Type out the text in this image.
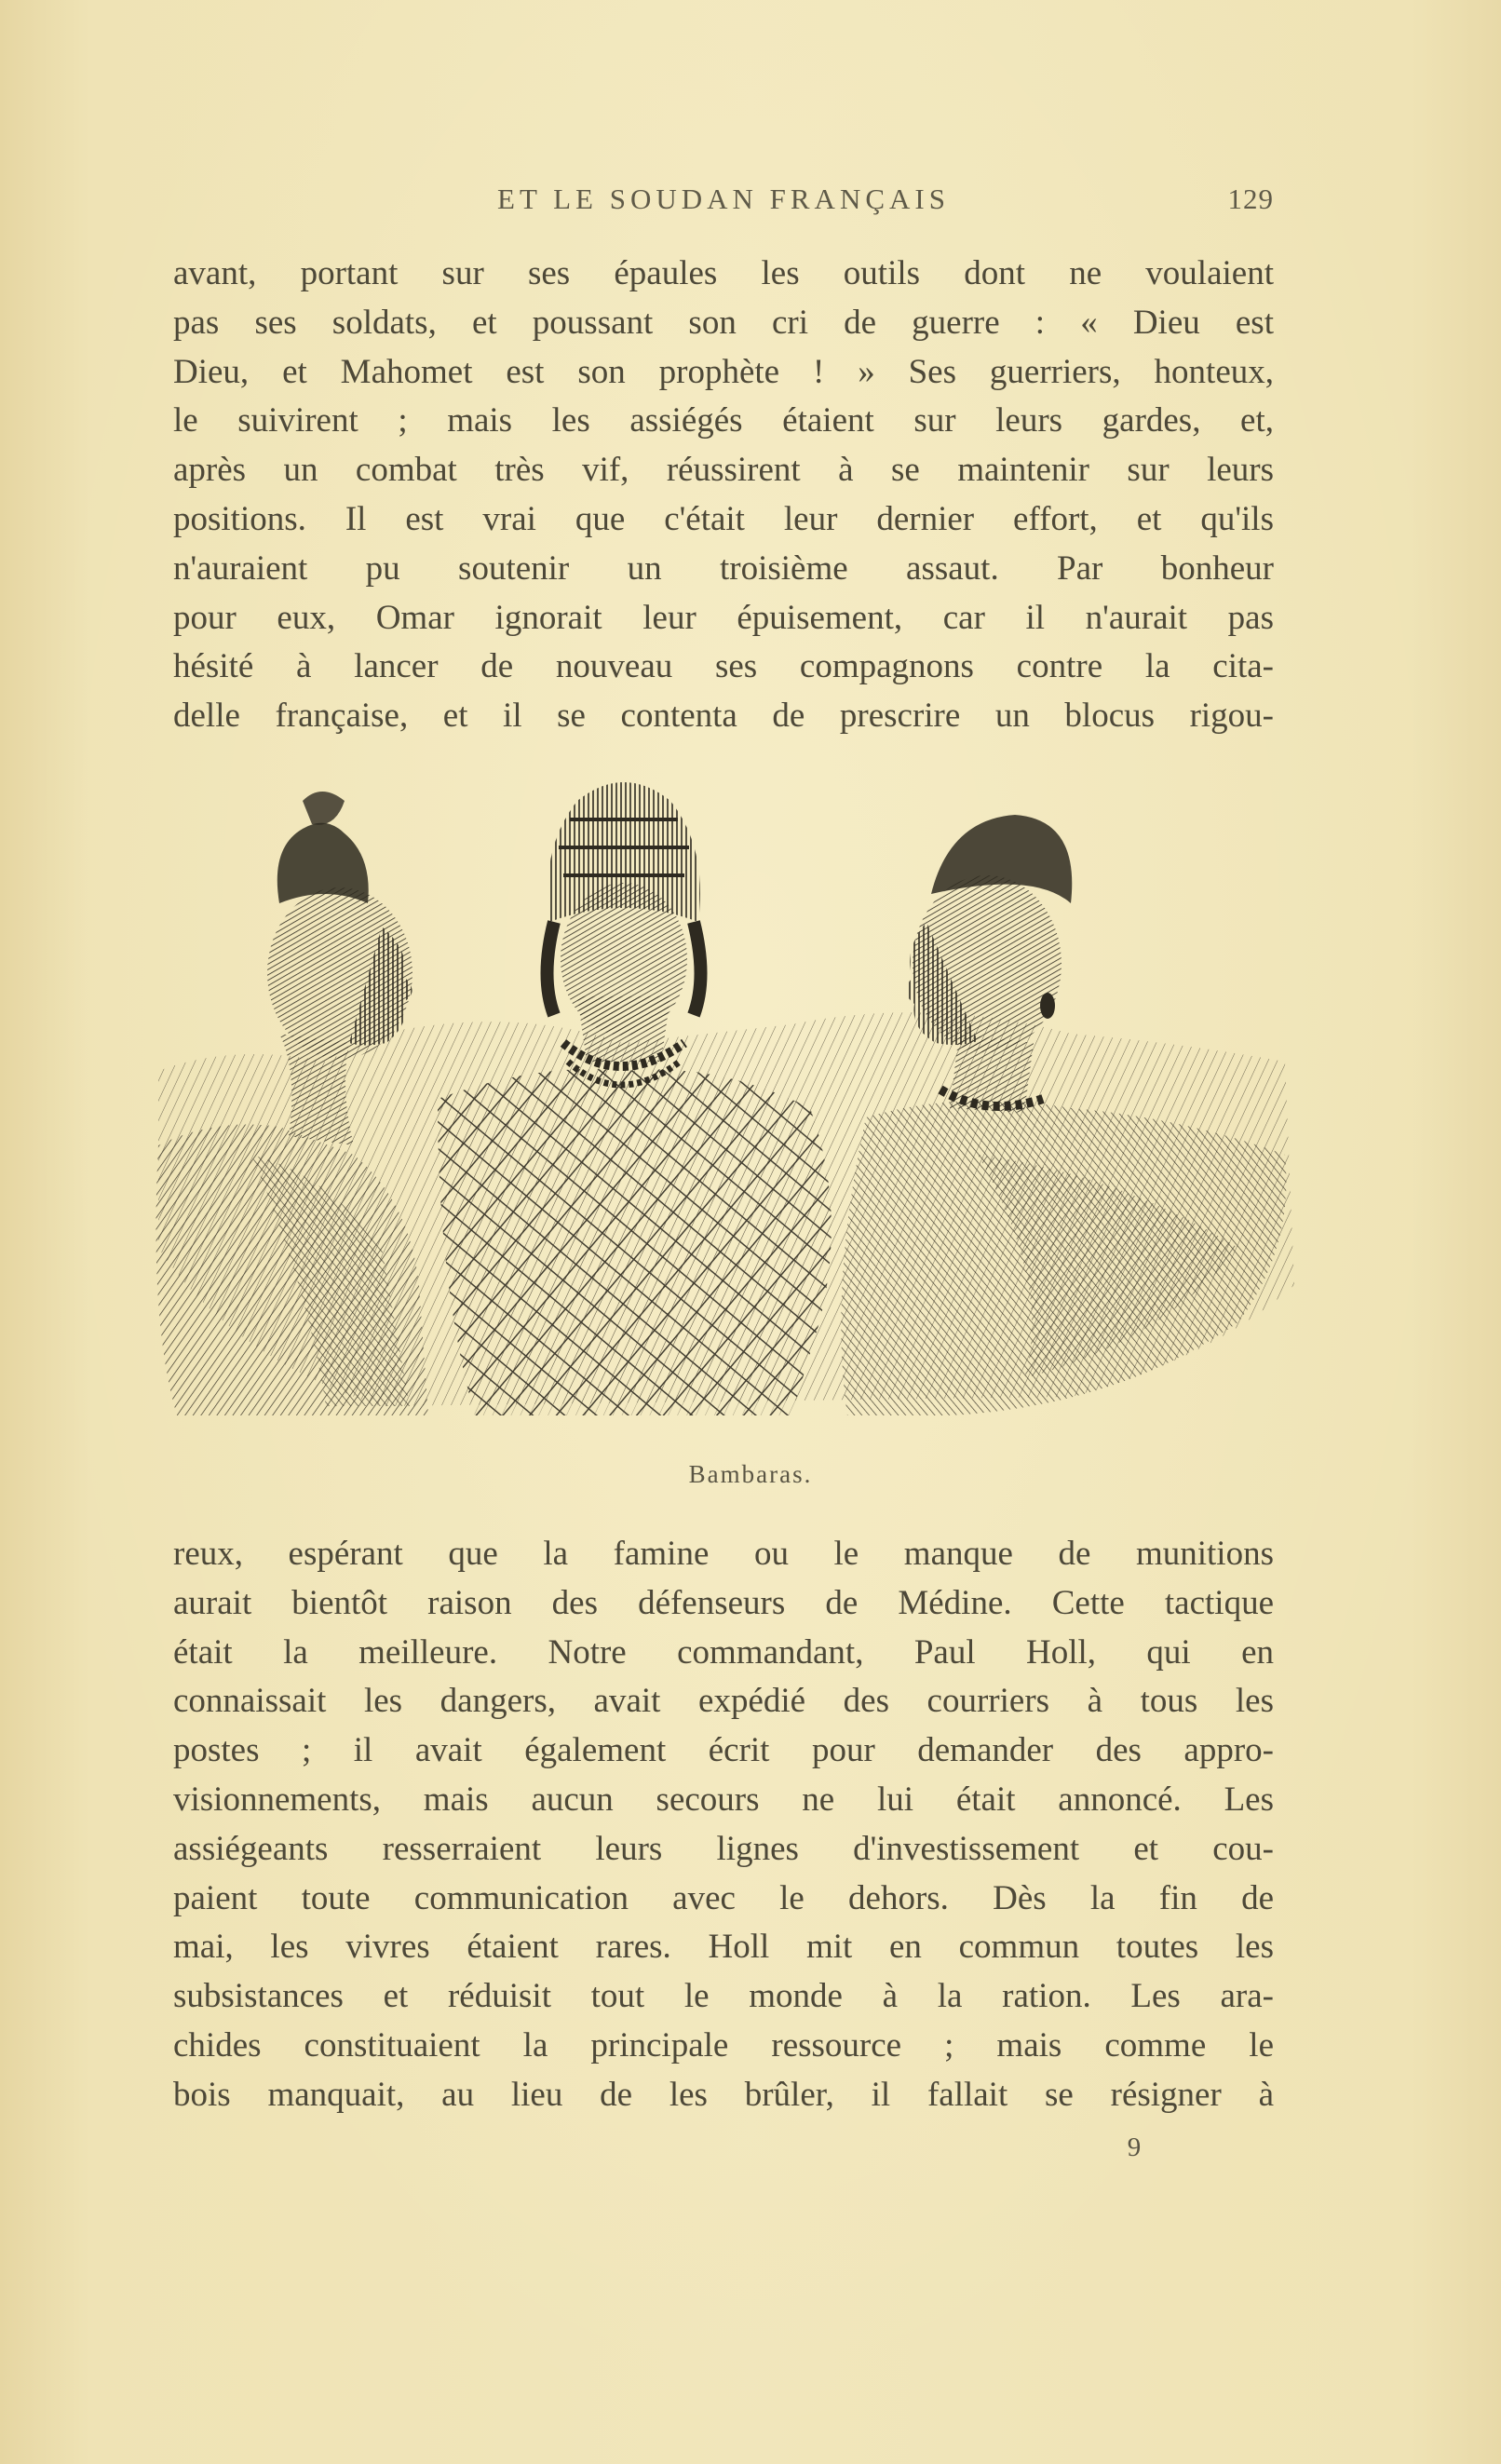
ET LE SOUDAN FRANÇAIS	129
avant, portant sur ses épaules les outils dont ne voulaient
pas ses soldats, et poussant son cri de guerre : « Dieu est
Dieu, et Mahomet est son prophète ! » Ses guerriers, honteux,
le suivirent ; mais les assiégés étaient sur leurs gardes, et,
après un combat très vif, réussirent à se maintenir sur leurs
positions. Il est vrai que c'était leur dernier effort, et qu'ils
n'auraient pu soutenir un troisième assaut. Par bonheur
pour eux, Omar ignorait leur épuisement, car il n'aurait pas
hésité à lancer de nouveau ses compagnons contre la cita-
delle française, et il se contenta de prescrire un blocus rigou-
Bambaras.
reux, espérant que la famine ou le manque de munitions
aurait bientôt raison des défenseurs de Médine. Cette tactique
était la meilleure. Notre commandant, Paul Holl, qui en
connaissait les dangers, avait expédié des courriers à tous les
postes ; il avait également écrit pour demander des appro-
visionnements, mais aucun secours ne lui était annoncé. Les
assiégeants resserraient leurs lignes d'investissement et cou-
paient toute communication avec le dehors. Dès la fin de
mai, les vivres étaient rares. Holl mit en commun toutes les
subsistances et réduisit tout le monde à la ration. Les ara-
chides constituaient la principale ressource ; mais comme le
bois manquait, au lieu de les brûler, il fallait se résigner à
9
